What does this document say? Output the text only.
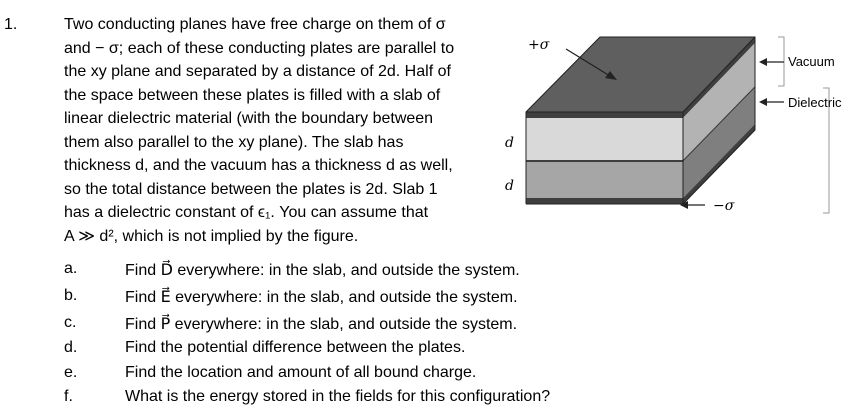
1.	Two conducting planes have free charge on them of σ
and − σ; each of these conducting plates are parallel to
the xy plane and separated by a distance of 2d. Half of
the space between these plates is filled with a slab of
linear dielectric material (with the boundary between
them also parallel to the xy plane). The slab has
thickness d, and the vacuum has a thickness d as well,
so the total distance between the plates is 2d. Slab 1
has a dielectric constant of ϵ₁. You can assume that
A ≫ d², which is not implied by the figure.
a.	Find D⃗ everywhere: in the slab, and outside the system.
b.	Find E⃗ everywhere: in the slab, and outside the system.
c.	Find P⃗ everywhere: in the slab, and outside the system.
d.	Find the potential difference between the plates.
e.	Find the location and amount of all bound charge.
f.	What is the energy stored in the fields for this configuration?
+σ
−σ
d
d
Vacuum
Dielectric
